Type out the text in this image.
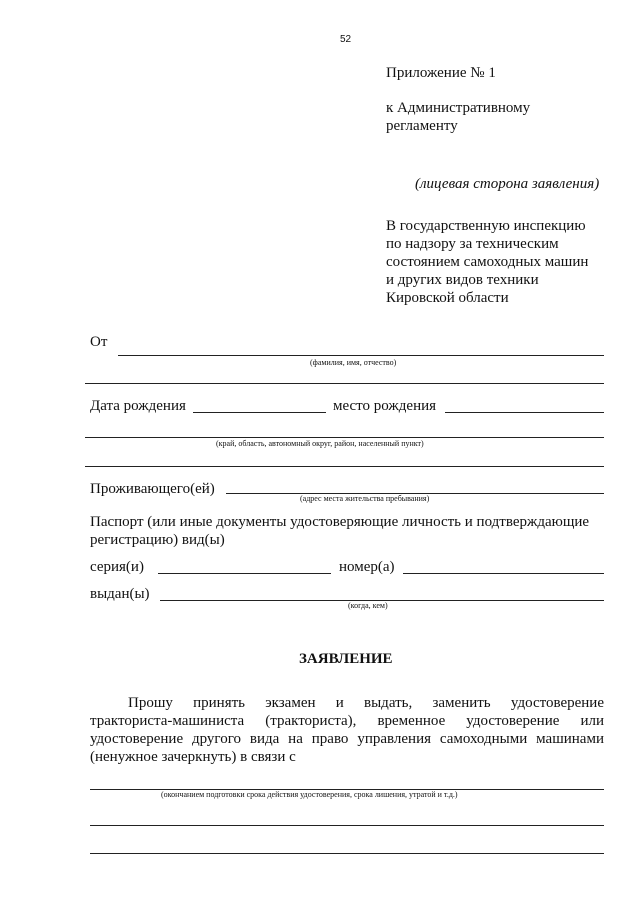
52
Приложение № 1
к Административному
регламенту
(лицевая сторона заявления)
В государственную инспекцию
по надзору за техническим
состоянием самоходных машин
и других видов техники
Кировской области
От
(фамилия, имя, отчество)
Дата рождения	место рождения
(край, область, автономный округ, район, населенный пункт)
Проживающего(ей)
(адрес места жительства пребывания)
Паспорт (или иные документы удостоверяющие личность и подтверждающие
регистрацию) вид(ы)
серия(и)	номер(а)
выдан(ы)
(когда, кем)
ЗАЯВЛЕНИЕ
Прошу принять экзамен и выдать, заменить удостоверение
тракториста-машиниста (тракториста), временное удостоверение или
удостоверение другого вида на право управления самоходными машинами
(ненужное зачеркнуть) в связи с
(окончанием подготовки срока действия удостоверения, срока лишения, утратой и т.д.)
